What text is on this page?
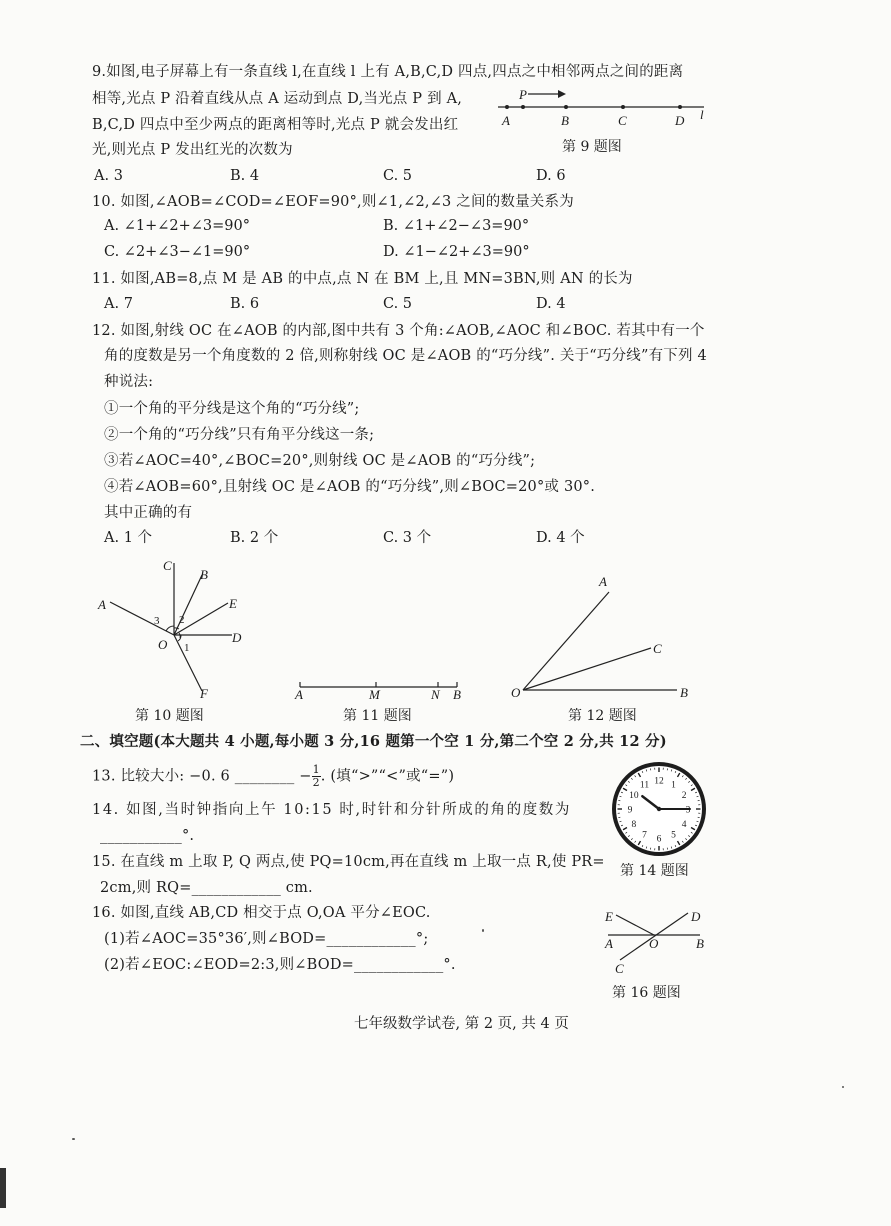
9.如图,电子屏幕上有一条直线 l,在直线 l 上有 A,B,C,D 四点,四点之中相邻两点之间的距离
相等,光点 P 沿着直线从点 A 运动到点 D,当光点 P 到 A,
B,C,D 四点中至少两点的距离相等时,光点 P 就会发出红
光,则光点 P 发出红光的次数为
A. 3	B. 4	C. 5	D. 6
P
A	B	C	D l
第 9 题图
10. 如图,∠AOB=∠COD=∠EOF=90°,则∠1,∠2,∠3 之间的数量关系为
A. ∠1+∠2+∠3=90°	B. ∠1+∠2−∠3=90°
C. ∠2+∠3−∠1=90°	D. ∠1−∠2+∠3=90°
11. 如图,AB=8,点 M 是 AB 的中点,点 N 在 BM 上,且 MN=3BN,则 AN 的长为
A. 7	B. 6	C. 5	D. 4
12. 如图,射线 OC 在∠AOB 的内部,图中共有 3 个角:∠AOB,∠AOC 和∠BOC. 若其中有一个
角的度数是另一个角度数的 2 倍,则称射线 OC 是∠AOB 的“巧分线”. 关于“巧分线”有下列 4
种说法:
①一个角的平分线是这个角的“巧分线”;
②一个角的“巧分线”只有角平分线这一条;
③若∠AOC=40°,∠BOC=20°,则射线 OC 是∠AOB 的“巧分线”;
④若∠AOB=60°,且射线 OC 是∠AOB 的“巧分线”,则∠BOC=20°或 30°.
其中正确的有
A. 1 个	B. 2 个	C. 3 个	D. 4 个
C
B
A	E
D
O
F
3 2
1
第 10 题图
A	M	N B
第 11 题图
A
C
O	B
第 12 题图
二、填空题(本大题共 4 小题,每小题 3 分,16 题第一个空 1 分,第二个空 2 分,共 12 分)
13. 比较大小: −0. 6 ________ − $\frac{1}{2}$ . (填“>”“<”或“=”)
14. 如图,当时钟指向上午 10:15 时,时针和分针所成的角的度数为
___________°.
12 1
2
3
4
5
6
7
8
9
10
11
第 14 题图
15. 在直线 m 上取 P, Q 两点,使 PQ=10cm,再在直线 m 上取一点 R,使 PR=
2cm,则 RQ=____________ cm.
16. 如图,直线 AB,CD 相交于点 O,OA 平分∠EOC.
(1)若∠AOC=35°36′,则∠BOD=____________°;
(2)若∠EOC:∠EOD=2:3,则∠BOD=____________°.
E	D
A	O	B
C
第 16 题图
七年级数学试卷, 第 2 页, 共 4 页
